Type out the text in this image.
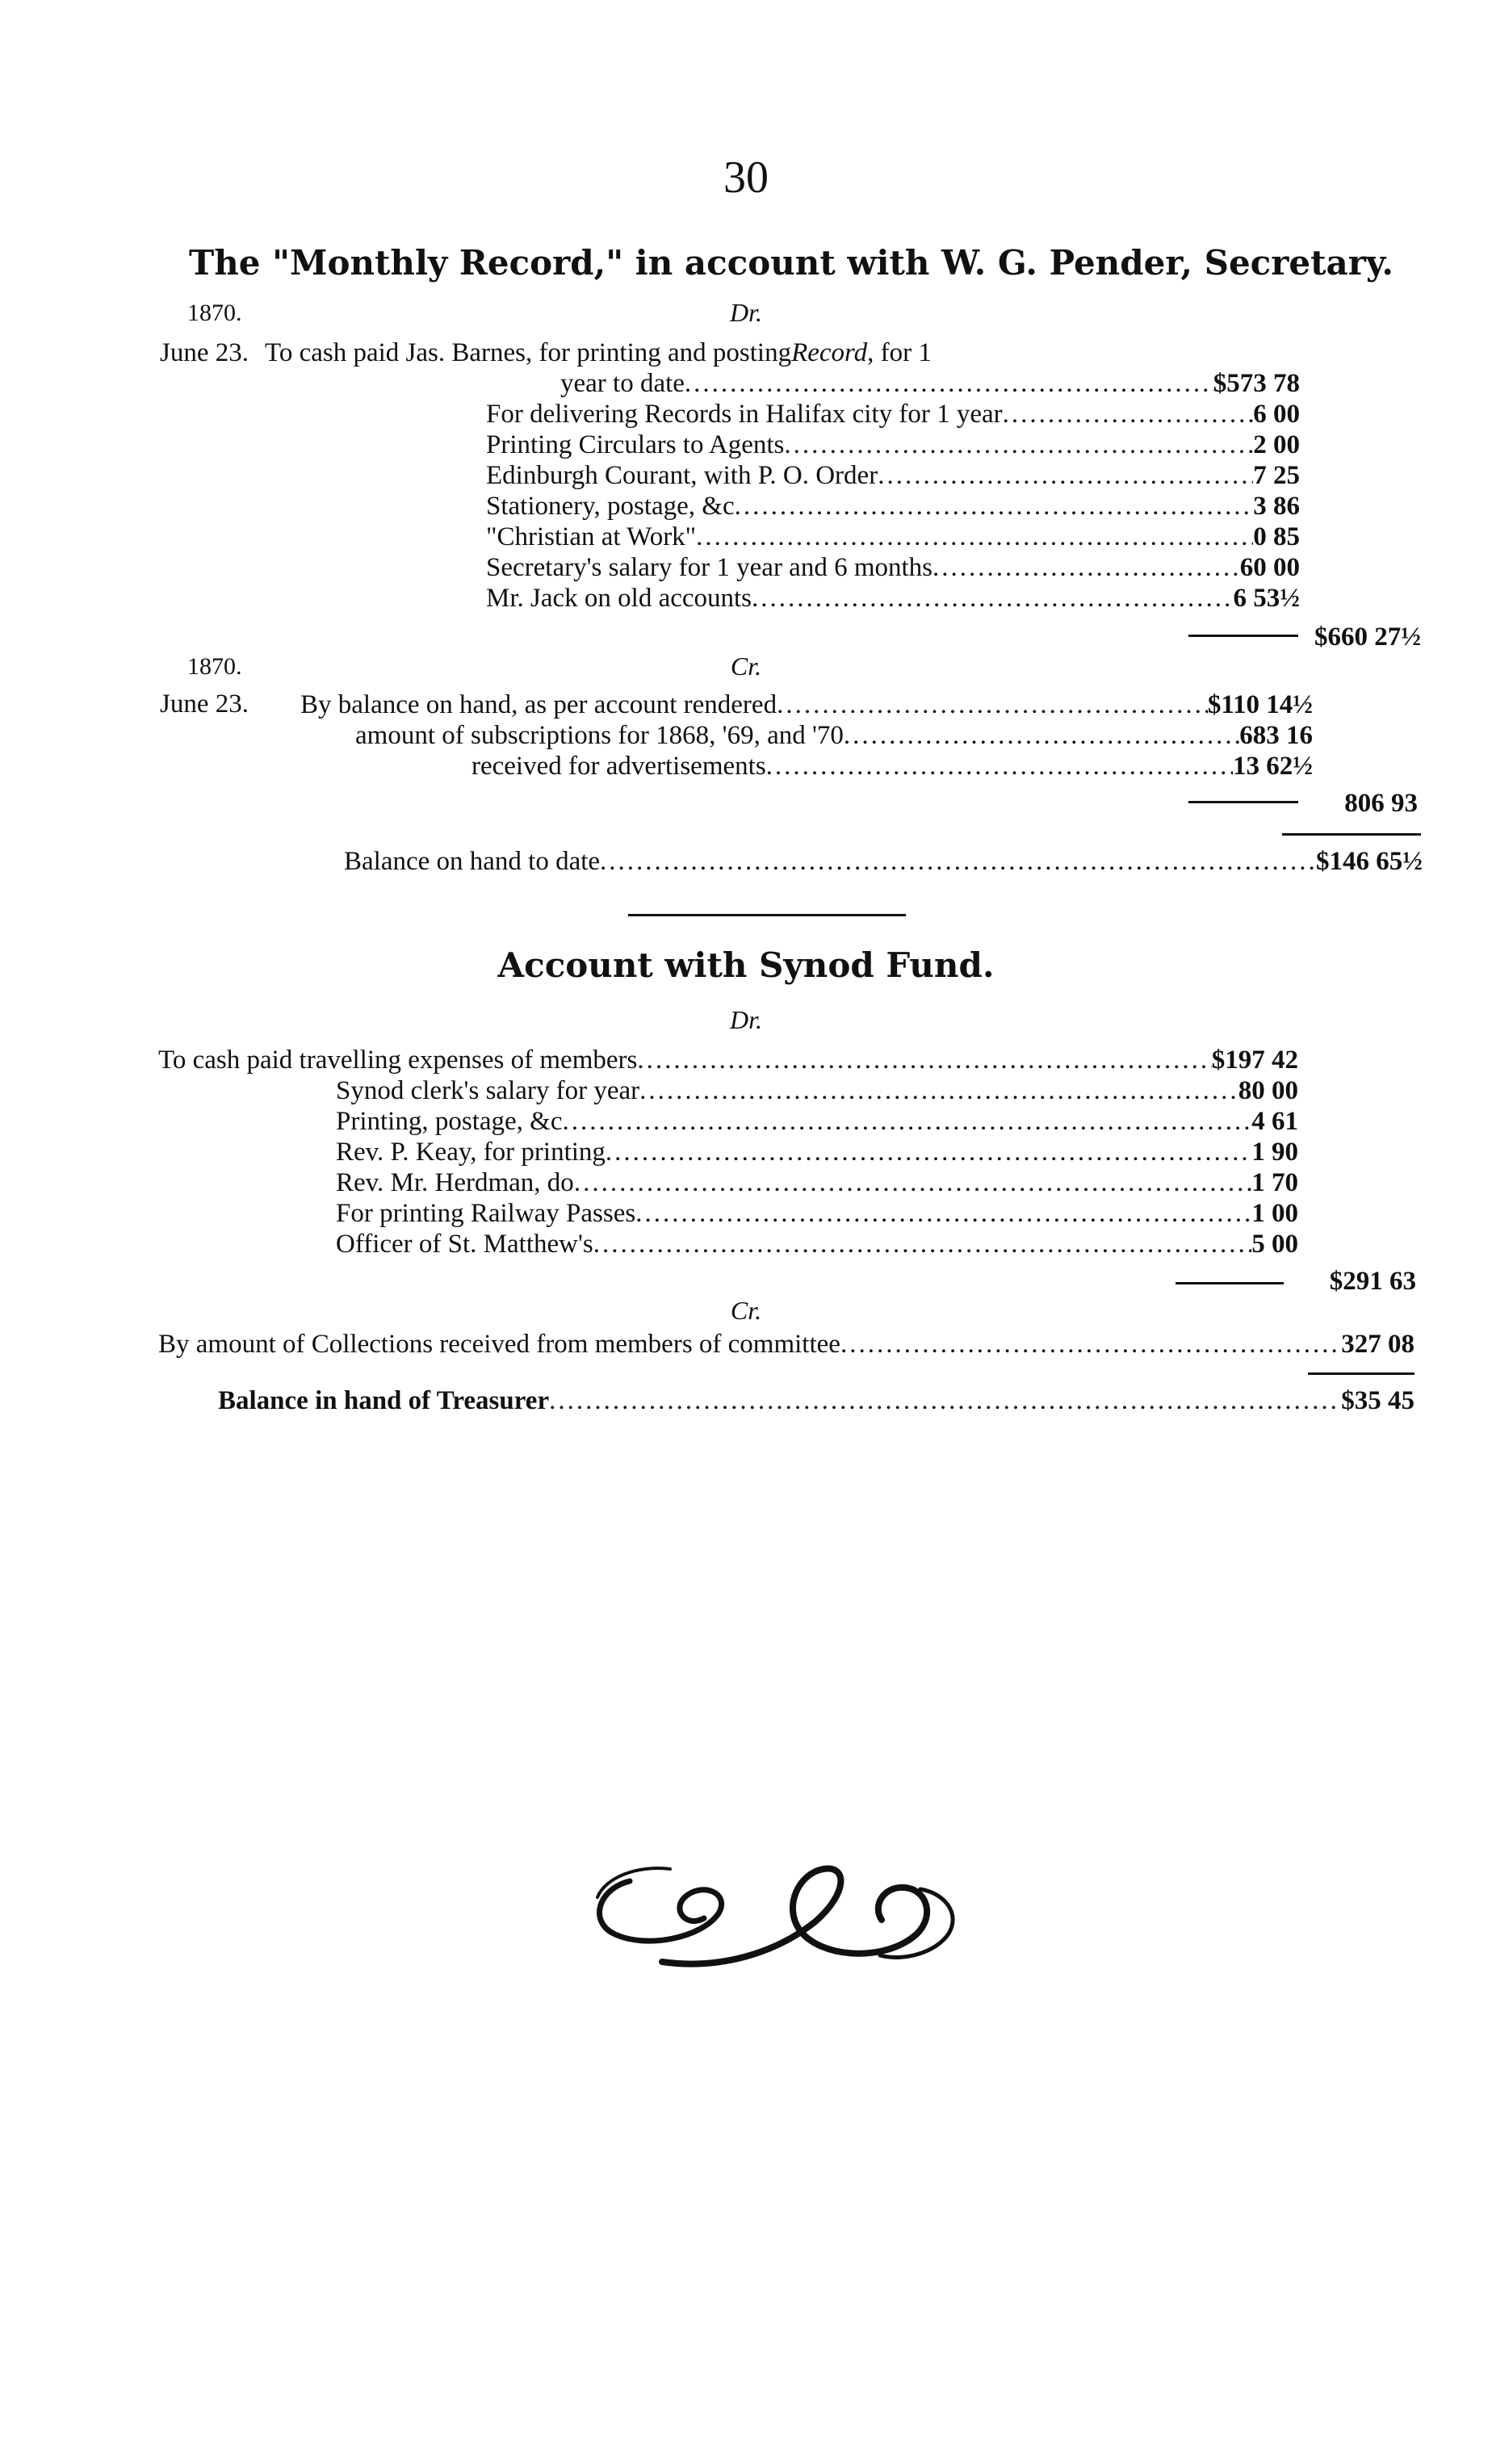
30
The "Monthly Record," in account with W. G. Pender, Secretary.
1870.	Dr.
June 23. To cash paid Jas. Barnes, for printing and posting Record , for 1
year to date .....	$573 78
For delivering Records in Halifax city for 1 year .....	6 00
Printing Circulars to Agents .....	2 00
Edinburgh Courant, with P. O. Order .....	7 25
Stationery, postage, &c .....	3 86
"Christian at Work" .....	0 85
Secretary's salary for 1 year and 6 months .....	60 00
Mr. Jack on old accounts .....	6 53½
$660 27½
1870.	Cr.
June 23. By balance on hand, as per account rendered .....	$110 14½
amount of subscriptions for 1868, '69, and '70 .....	683 16
received for advertisements .....	13 62½
806 93
Balance on hand to date .....	$146 65½
Account with Synod Fund.
Dr.
To cash paid travelling expenses of members .....	$197 42
Synod clerk's salary for year .....	80 00
Printing, postage, &c .....	4 61
Rev. P. Keay, for printing .....	1 90
Rev. Mr. Herdman, do .....	1 70
For printing Railway Passes .....	1 00
Officer of St. Matthew's .....	5 00
$291 63
Cr.
By amount of Collections received from members of committee .....	327 08
Balance in hand of Treasurer .....	$35 45
